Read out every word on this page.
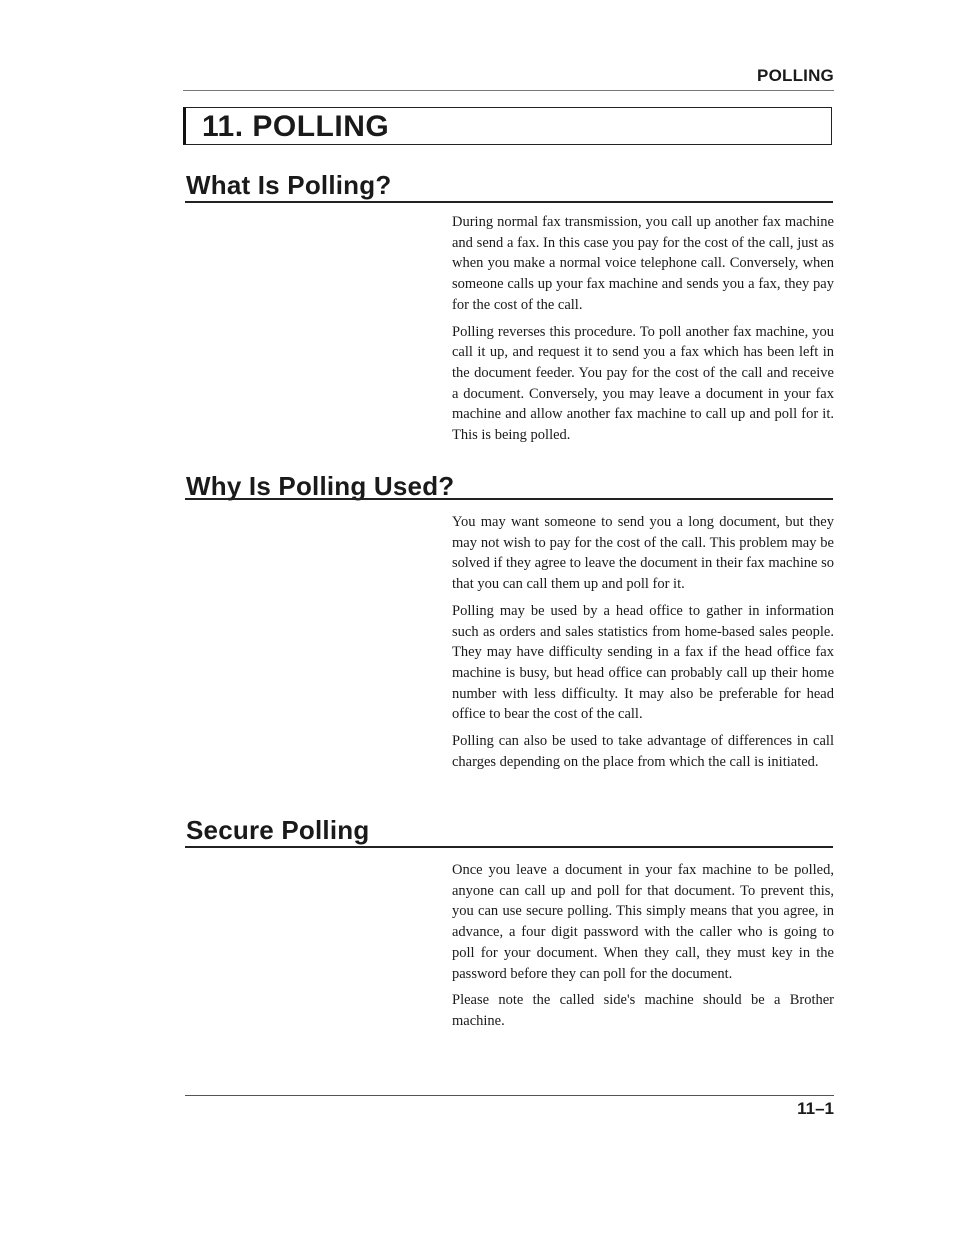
POLLING
11. POLLING
What Is Polling?

During normal fax transmission, you call up another fax machine and send a fax. In this case you pay for the cost of the call, just as when you make a normal voice telephone call. Conversely, when someone calls up your fax machine and sends you a fax, they pay for the cost of the call.

Polling reverses this procedure. To poll another fax machine, you call it up, and request it to send you a fax which has been left in the document feeder. You pay for the cost of the call and receive a document. Conversely, you may leave a document in your fax machine and allow another fax machine to call up and poll for it. This is being polled.

Why Is Polling Used?

You may want someone to send you a long document, but they may not wish to pay for the cost of the call. This problem may be solved if they agree to leave the document in their fax machine so that you can call them up and poll for it.

Polling may be used by a head office to gather in information such as orders and sales statistics from home-based sales people. They may have difficulty sending in a fax if the head office fax machine is busy, but head office can probably call up their home number with less difficulty. It may also be preferable for head office to bear the cost of the call.

Polling can also be used to take advantage of differences in call charges depending on the place from which the call is initiated.

Secure Polling

Once you leave a document in your fax machine to be polled, anyone can call up and poll for that document. To prevent this, you can use secure polling. This simply means that you agree, in advance, a four digit password with the caller who is going to poll for your document. When they call, they must key in the password before they can poll for the document.

Please note the called side's machine should be a Brother machine.

11–1
